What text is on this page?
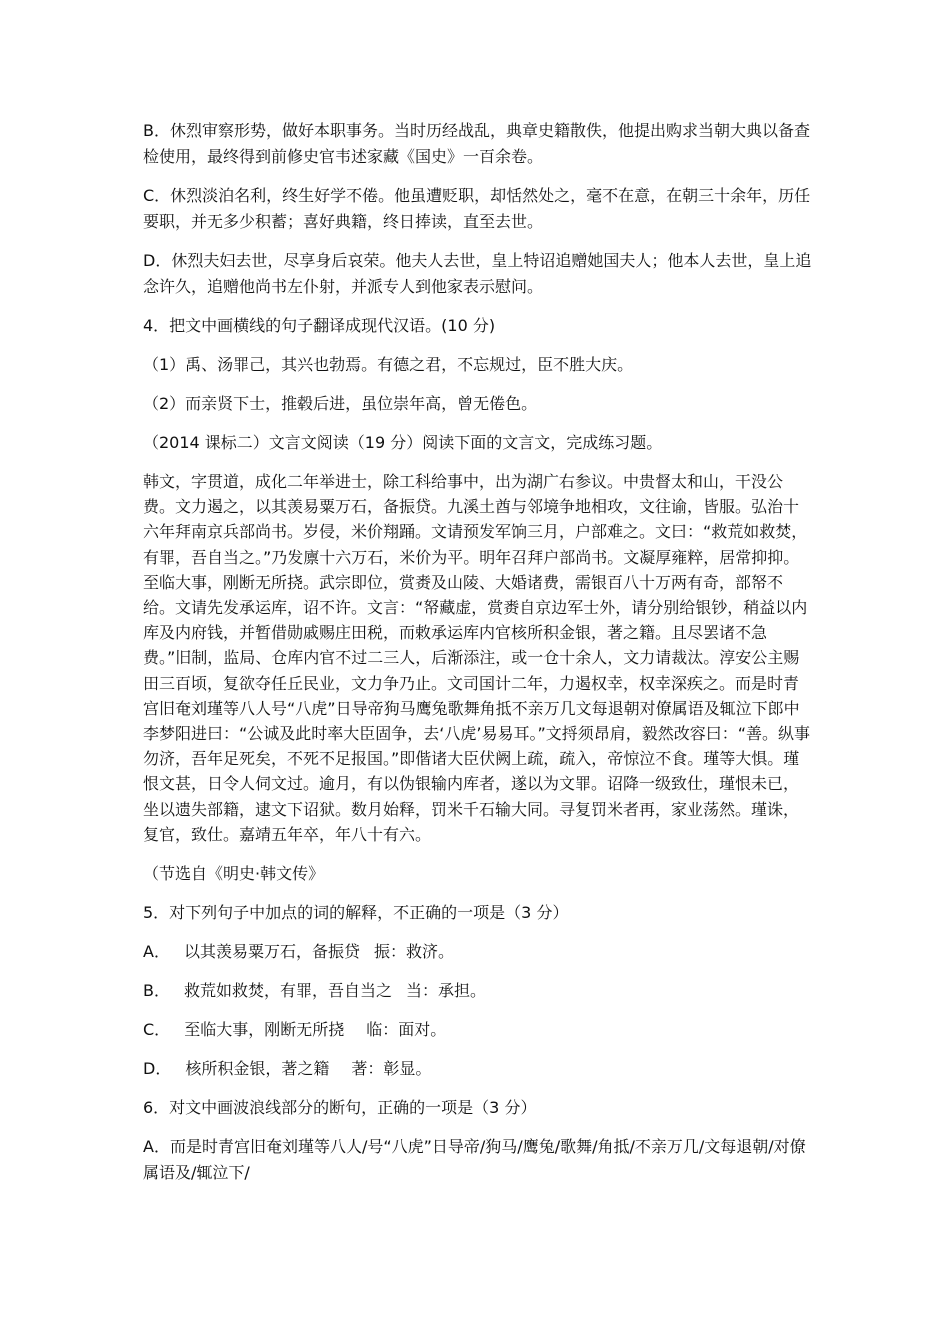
B．休烈审察形势，做好本职事务。当时历经战乱，典章史籍散佚，他提出购求当朝大典以备查检使用，最终得到前修史官韦述家藏《国史》一百余卷。

C．休烈淡泊名利，终生好学不倦。他虽遭贬职，却恬然处之，毫不在意，在朝三十余年，历任要职，并无多少积蓄；喜好典籍，终日捧读，直至去世。

D．休烈夫妇去世，尽享身后哀荣。他夫人去世，皇上特诏追赠她国夫人；他本人去世，皇上追念许久，追赠他尚书左仆射，并派专人到他家表示慰问。

4．把文中画横线的句子翻译成现代汉语。(10 分)

（1）禹、汤罪己，其兴也勃焉。有德之君，不忘规过，臣不胜大庆。

（2）而亲贤下士，推毂后进，虽位崇年高，曾无倦色。

（2014 课标二）文言文阅读（19 分）阅读下面的文言文，完成练习题。

韩文，字贯道，成化二年举进士，除工科给事中，出为湖广右参议。中贵督太和山，干没公费。文力遏之，以其羡易粟万石，备振贷。九溪土酋与邻境争地相攻，文往谕，皆服。弘治十六年拜南京兵部尚书。岁侵，米价翔踊。文请预发军饷三月，户部难之。文曰：“救荒如救焚，有罪，吾自当之。”乃发廪十六万石，米价为平。明年召拜户部尚书。文凝厚雍粹，居常抑抑。至临大事，刚断无所挠。武宗即位，赏赉及山陵、大婚诸费，需银百八十万两有奇，部帑不给。文请先发承运库，诏不许。文言：“帑藏虚，赏赉自京边军士外，请分别给银钞，稍益以内库及内府钱，并暂借勋戚赐庄田税，而敕承运库内官核所积金银，著之籍。且尽罢诸不急费。”旧制，监局、仓库内官不过二三人，后渐添注，或一仓十余人，文力请裁汰。淳安公主赐田三百顷，复欲夺任丘民业，文力争乃止。文司国计二年，力遏权幸，权幸深疾之。而是时青宫旧奄刘瑾等八人号“八虎”日导帝狗马鹰兔歌舞角抵不亲万几文每退朝对僚属语及辄泣下郎中李梦阳进曰：“公诚及此时率大臣固争，去‘八虎’易易耳。”文捋须昂肩，毅然改容曰：“善。纵事勿济，吾年足死矣，不死不足报国。”即偕诸大臣伏阙上疏，疏入，帝惊泣不食。瑾等大惧。瑾恨文甚，日令人伺文过。逾月，有以伪银输内库者，遂以为文罪。诏降一级致仕，瑾恨未已，坐以遗失部籍，逮文下诏狱。数月始释，罚米千石输大同。寻复罚米者再，家业荡然。瑾诛，复官，致仕。嘉靖五年卒，年八十有六。

（节选自《明史·韩文传》

5．对下列句子中加点的词的解释，不正确的一项是（3 分）

A． 以其羡易粟万石，备振贷 振：救济。

B． 救荒如救焚，有罪，吾自当之 当：承担。

C． 至临大事，刚断无所挠 临：面对。

D． 核所积金银，著之籍 著：彰显。

6．对文中画波浪线部分的断句，正确的一项是（3 分）

A．而是时青宫旧奄刘瑾等八人/号“八虎”日导帝/狗马/鹰兔/歌舞/角抵/不亲万几/文每退朝/对僚属语及/辄泣下/
